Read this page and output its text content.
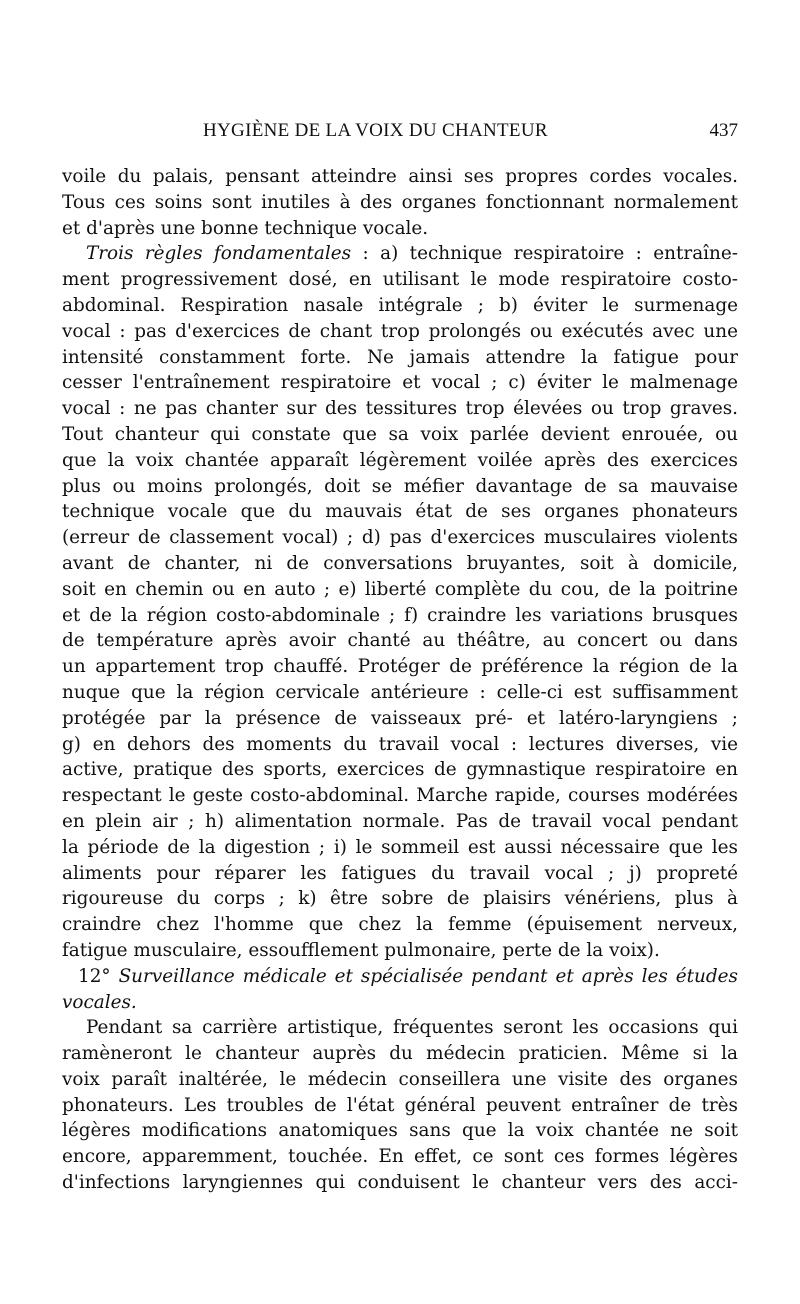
HYGIÈNE DE LA VOIX DU CHANTEUR	437
voile du palais, pensant atteindre ainsi ses propres cordes vocales.
Tous ces soins sont inutiles à des organes fonctionnant normalement
et d'après une bonne technique vocale.
Trois règles fondamentales : a) technique respiratoire : entraîne-
ment progressivement dosé, en utilisant le mode respiratoire costo-
abdominal. Respiration nasale intégrale ; b) éviter le surmenage
vocal : pas d'exercices de chant trop prolongés ou exécutés avec une
intensité constamment forte. Ne jamais attendre la fatigue pour
cesser l'entraînement respiratoire et vocal ; c) éviter le malmenage
vocal : ne pas chanter sur des tessitures trop élevées ou trop graves.
Tout chanteur qui constate que sa voix parlée devient enrouée, ou
que la voix chantée apparaît légèrement voilée après des exercices
plus ou moins prolongés, doit se méfier davantage de sa mauvaise
technique vocale que du mauvais état de ses organes phonateurs
(erreur de classement vocal) ; d) pas d'exercices musculaires violents
avant de chanter, ni de conversations bruyantes, soit à domicile,
soit en chemin ou en auto ; e) liberté complète du cou, de la poitrine
et de la région costo-abdominale ; f) craindre les variations brusques
de température après avoir chanté au théâtre, au concert ou dans
un appartement trop chauffé. Protéger de préférence la région de la
nuque que la région cervicale antérieure : celle-ci est suffisamment
protégée par la présence de vaisseaux pré- et latéro-laryngiens ;
g) en dehors des moments du travail vocal : lectures diverses, vie
active, pratique des sports, exercices de gymnastique respiratoire en
respectant le geste costo-abdominal. Marche rapide, courses modérées
en plein air ; h) alimentation normale. Pas de travail vocal pendant
la période de la digestion ; i) le sommeil est aussi nécessaire que les
aliments pour réparer les fatigues du travail vocal ; j) propreté
rigoureuse du corps ; k) être sobre de plaisirs vénériens, plus à
craindre chez l'homme que chez la femme (épuisement nerveux,
fatigue musculaire, essoufflement pulmonaire, perte de la voix).
12° Surveillance médicale et spécialisée pendant et après les études
vocales.
Pendant sa carrière artistique, fréquentes seront les occasions qui
ramèneront le chanteur auprès du médecin praticien. Même si la
voix paraît inaltérée, le médecin conseillera une visite des organes
phonateurs. Les troubles de l'état général peuvent entraîner de très
légères modifications anatomiques sans que la voix chantée ne soit
encore, apparemment, touchée. En effet, ce sont ces formes légères
d'infections laryngiennes qui conduisent le chanteur vers des acci-
